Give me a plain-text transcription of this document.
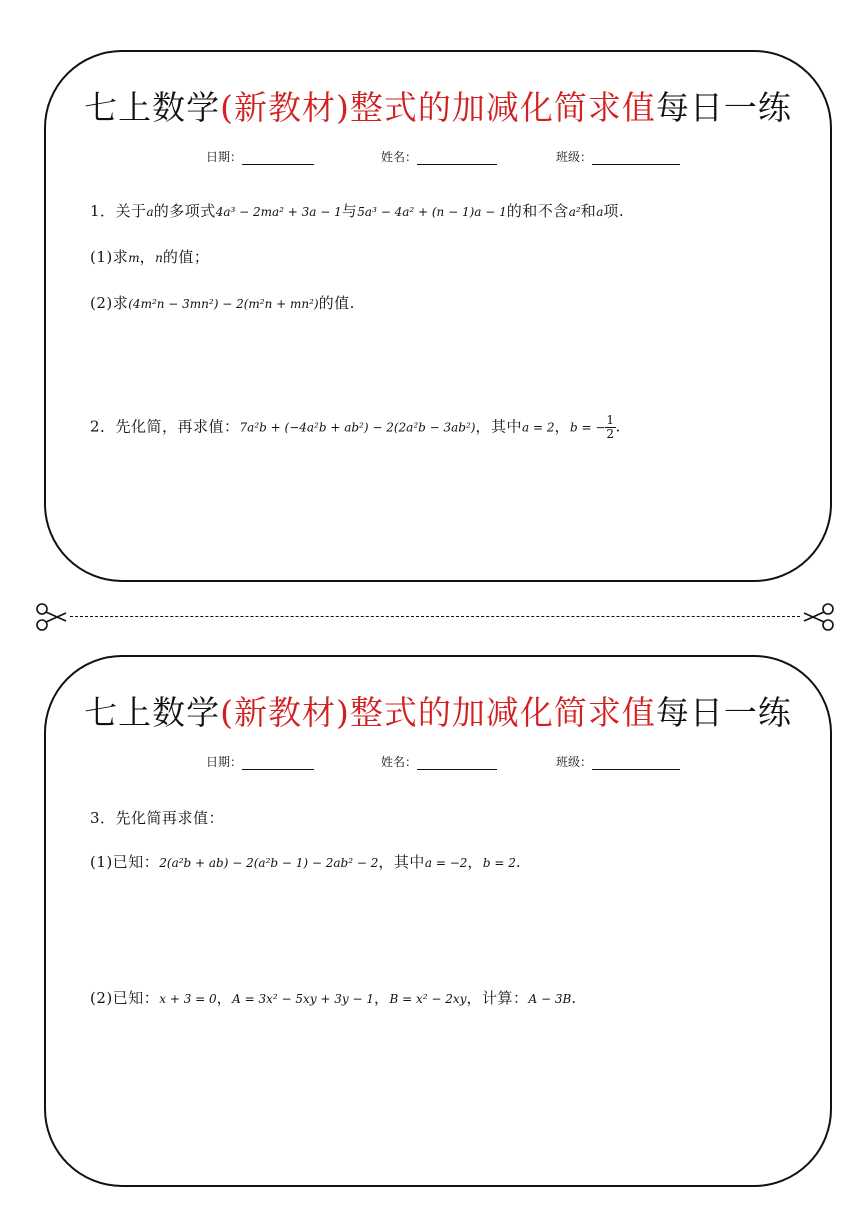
七上数学(新教材)整式的加减化简求值每日一练
日期：	姓名：	班级：
1．关于a的多项式4a³ − 2ma² + 3a − 1与5a³ − 4a² + (n − 1)a − 1的和不含a²和a项.
(1)求m，n的值；
(2)求(4m²n − 3mn²) − 2(m²n + mn²)的值.
2．先化简，再求值：7a²b + (−4a²b + ab²) − 2(2a²b − 3ab²)，其中a = 2，b = − $\frac{1}{2}$ .
七上数学(新教材)整式的加减化简求值每日一练
日期：	姓名：	班级：
3．先化简再求值：
(1)已知：2(a²b + ab) − 2(a²b − 1) − 2ab² − 2，其中a = −2，b = 2.
(2)已知：x + 3 = 0，A = 3x² − 5xy + 3y − 1，B = x² − 2xy，计算：A − 3B.
